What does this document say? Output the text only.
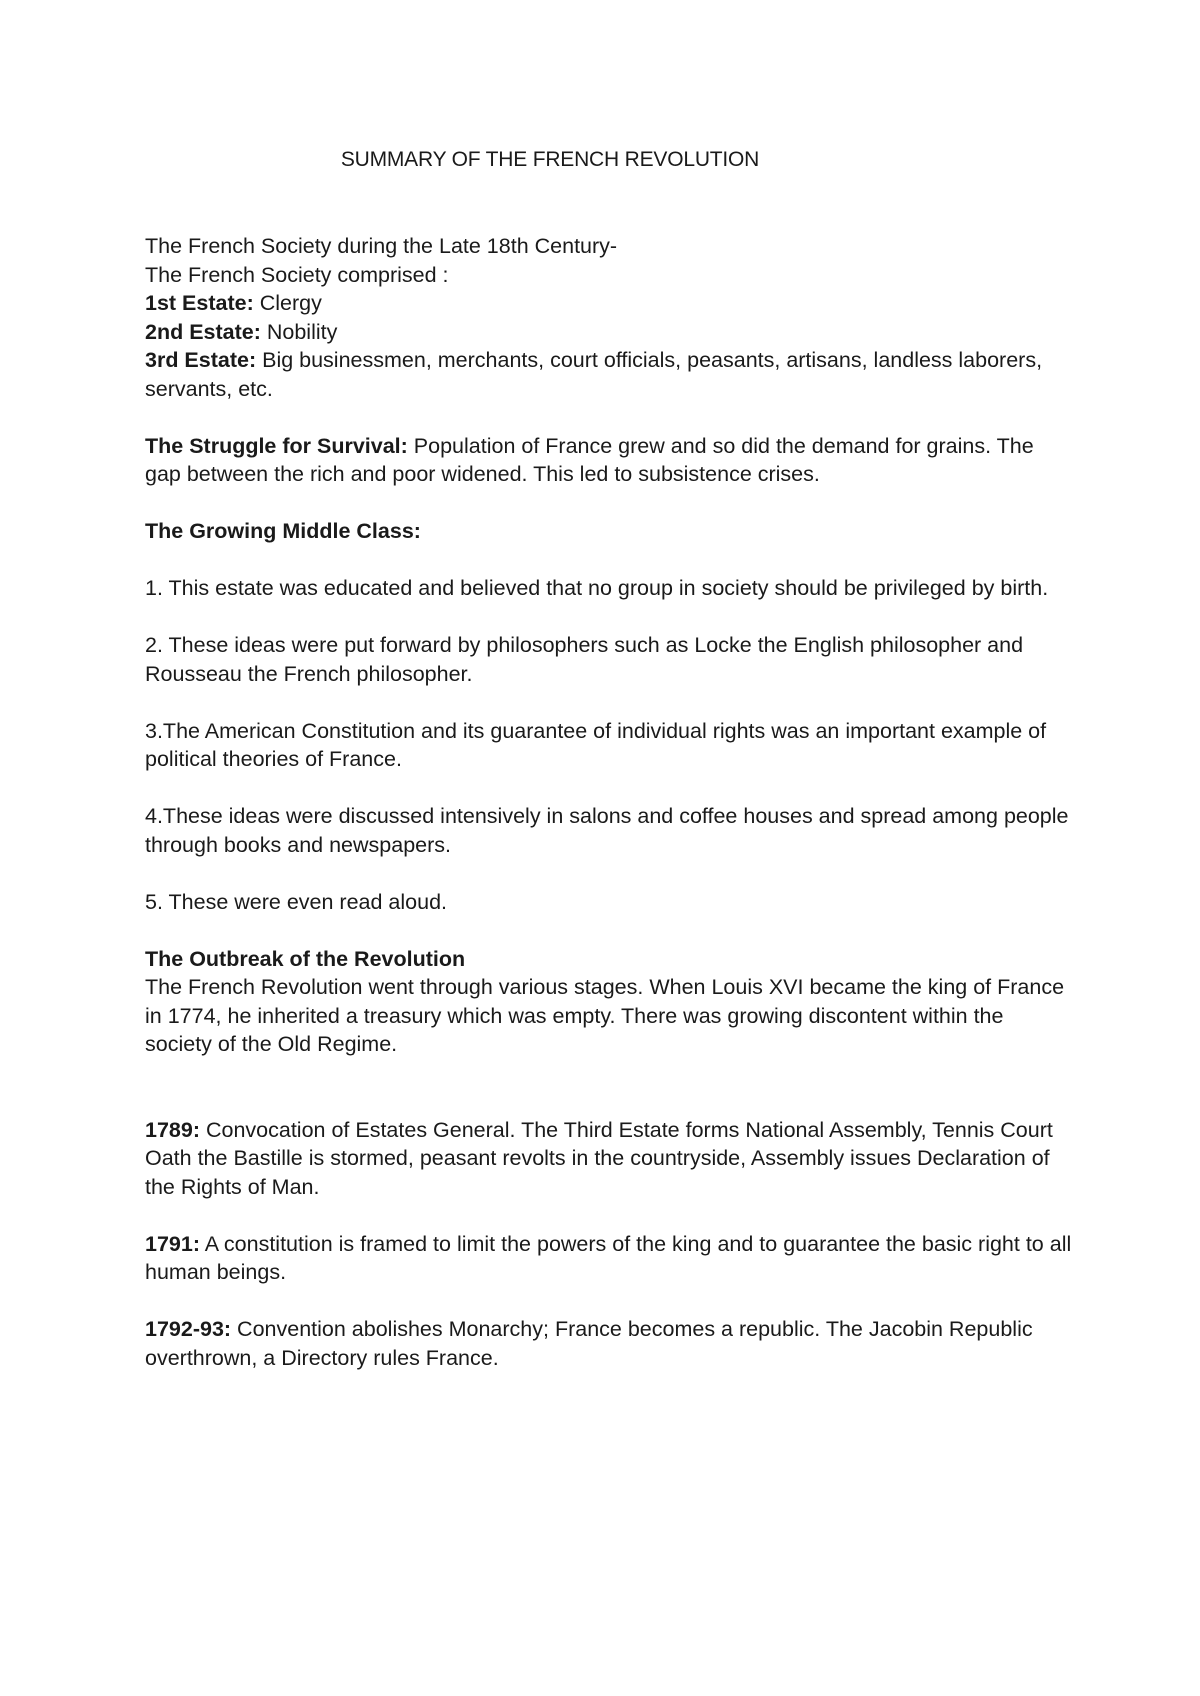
SUMMARY OF THE FRENCH REVOLUTION

The French Society during the Late 18th Century-

The French Society comprised :

1st Estate: Clergy

2nd Estate: Nobility

3rd Estate: Big businessmen, merchants, court officials, peasants, artisans, landless laborers, servants, etc.

The Struggle for Survival: Population of France grew and so did the demand for grains. The gap between the rich and poor widened. This led to subsistence crises.

The Growing Middle Class:

1. This estate was educated and believed that no group in society should be privileged by birth.

2. These ideas were put forward by philosophers such as Locke the English philosopher and Rousseau the French philosopher.

3.The American Constitution and its guarantee of individual rights was an important example of political theories of France.

4.These ideas were discussed intensively in salons and coffee houses and spread among people through books and newspapers.

5. These were even read aloud.

The Outbreak of the Revolution

The French Revolution went through various stages. When Louis XVI became the king of France in 1774, he inherited a treasury which was empty. There was growing discontent within the society of the Old Regime.

1789: Convocation of Estates General. The Third Estate forms National Assembly, Tennis Court Oath the Bastille is stormed, peasant revolts in the countryside, Assembly issues Declaration of the Rights of Man.

1791: A constitution is framed to limit the powers of the king and to guarantee the basic right to all human beings.

1792-93: Convention abolishes Monarchy; France becomes a republic. The Jacobin Republic overthrown, a Directory rules France.
